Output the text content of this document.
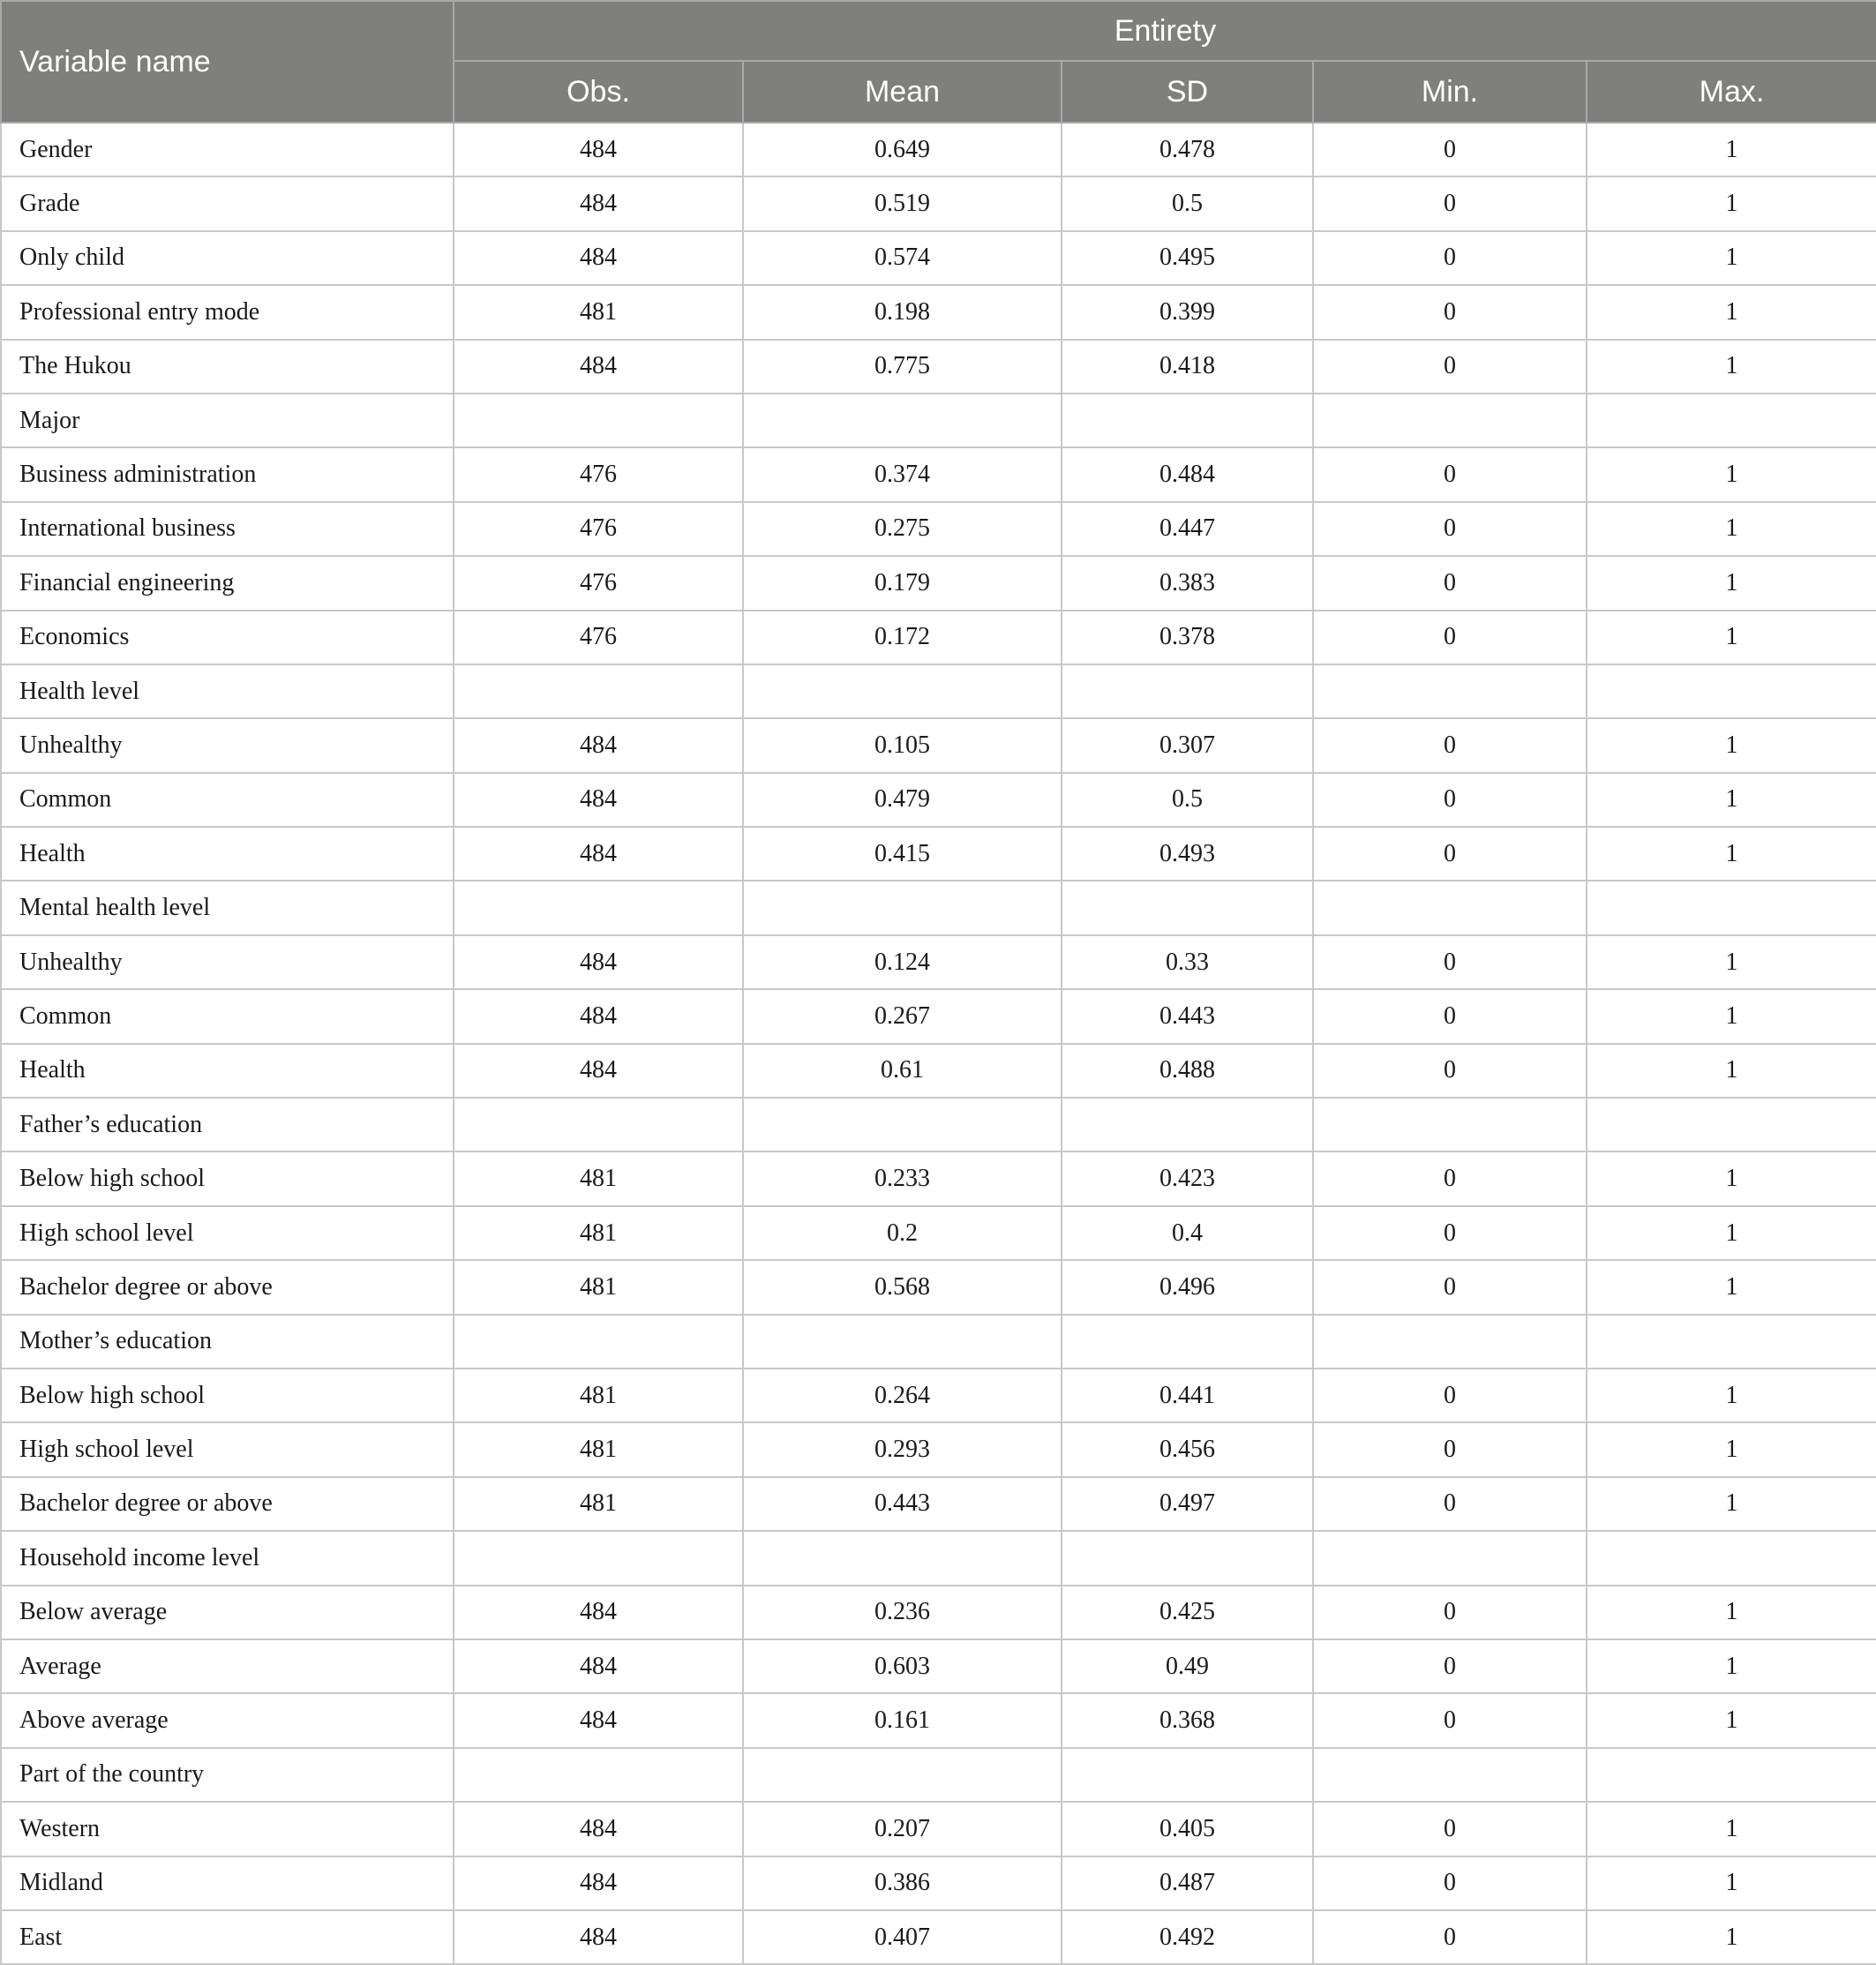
Variable name	Entirety				
	Obs.	Mean	SD	Min.	Max.
Gender	484	0.649	0.478	0	1
Grade	484	0.519	0.5	0	1
Only child	484	0.574	0.495	0	1
Professional entry mode	481	0.198	0.399	0	1
The Hukou	484	0.775	0.418	0	1
Major					
Business administration	476	0.374	0.484	0	1
International business	476	0.275	0.447	0	1
Financial engineering	476	0.179	0.383	0	1
Economics	476	0.172	0.378	0	1
Health level					
Unhealthy	484	0.105	0.307	0	1
Common	484	0.479	0.5	0	1
Health	484	0.415	0.493	0	1
Mental health level					
Unhealthy	484	0.124	0.33	0	1
Common	484	0.267	0.443	0	1
Health	484	0.61	0.488	0	1
Father’s education					
Below high school	481	0.233	0.423	0	1
High school level	481	0.2	0.4	0	1
Bachelor degree or above	481	0.568	0.496	0	1
Mother’s education					
Below high school	481	0.264	0.441	0	1
High school level	481	0.293	0.456	0	1
Bachelor degree or above	481	0.443	0.497	0	1
Household income level					
Below average	484	0.236	0.425	0	1
Average	484	0.603	0.49	0	1
Above average	484	0.161	0.368	0	1
Part of the country					
Western	484	0.207	0.405	0	1
Midland	484	0.386	0.487	0	1
East	484	0.407	0.492	0	1
